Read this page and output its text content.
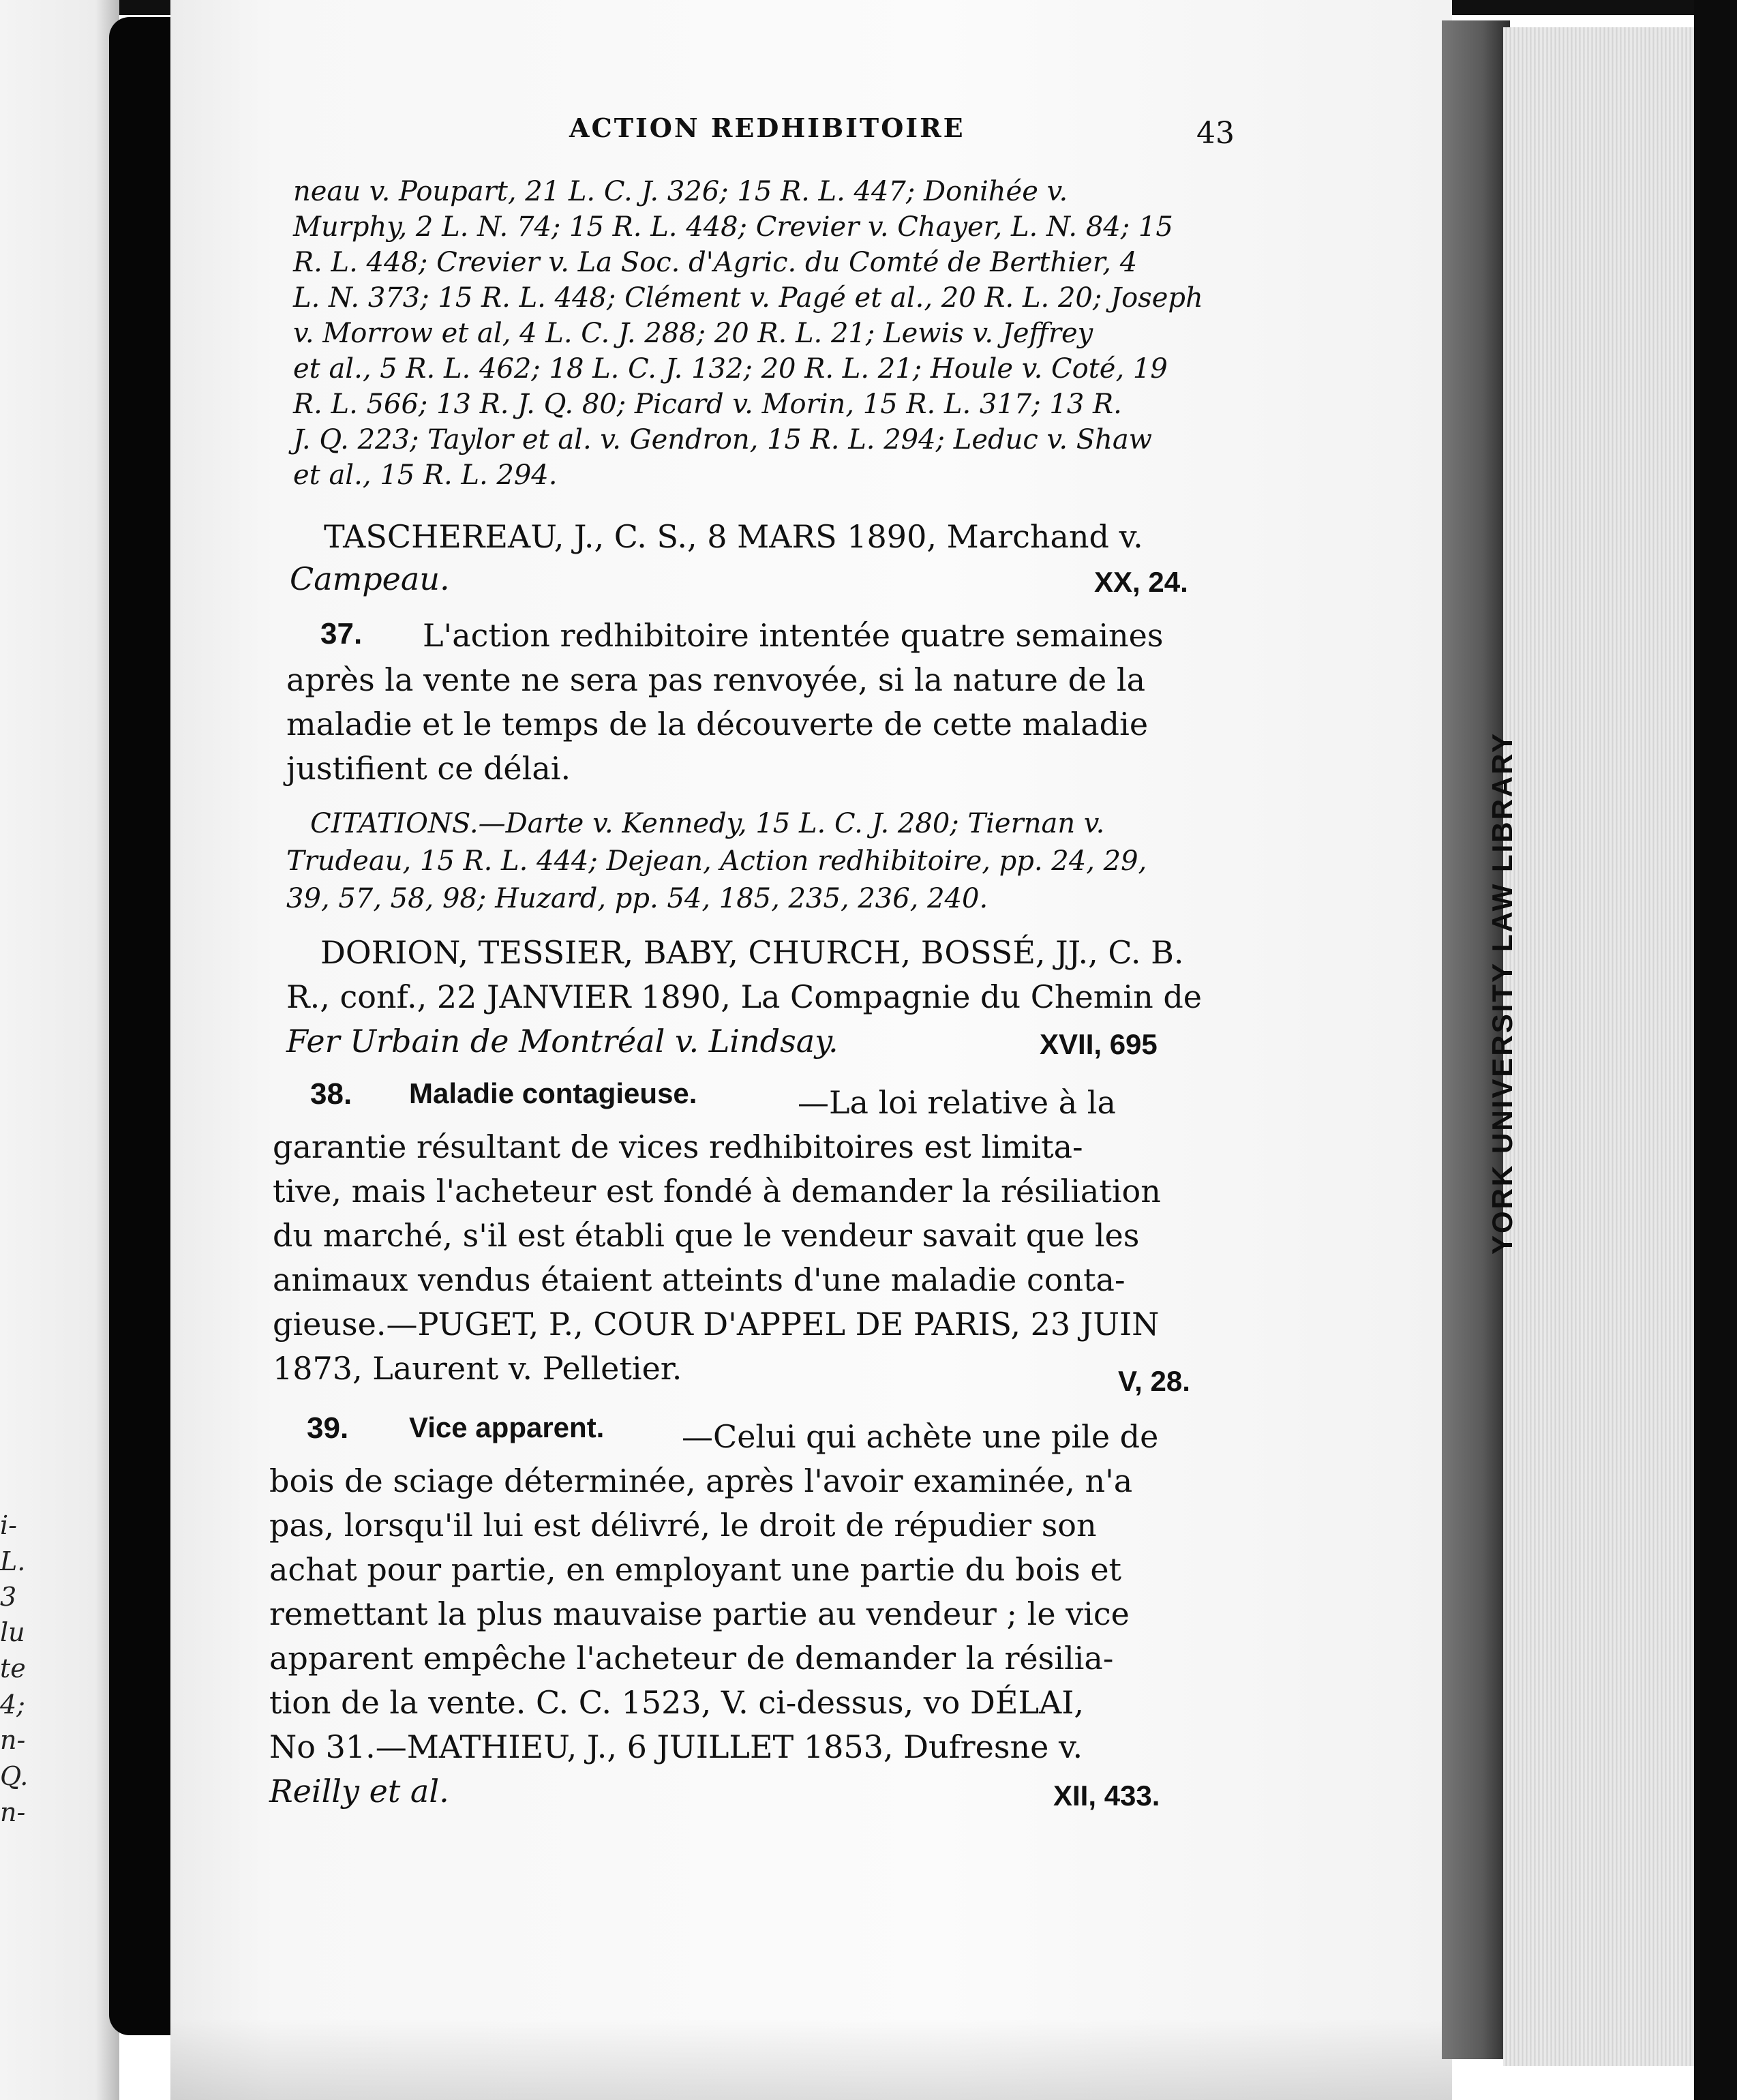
YORK UNIVERSITY LAW LIBRARY
i-
L.
3
lu
te
4;
n-
Q.
n-
ACTION REDHIBITOIRE	43
neau v. Poupart, 21 L. C. J. 326; 15 R. L. 447; Donihée v.
Murphy, 2 L. N. 74; 15 R. L. 448; Crevier v. Chayer, L. N. 84; 15
R. L. 448; Crevier v. La Soc. d'Agric. du Comté de Berthier, 4
L. N. 373; 15 R. L. 448; Clément v. Pagé et al., 20 R. L. 20; Joseph
v. Morrow et al, 4 L. C. J. 288; 20 R. L. 21; Lewis v. Jeffrey
et al., 5 R. L. 462; 18 L. C. J. 132; 20 R. L. 21; Houle v. Coté, 19
R. L. 566; 13 R. J. Q. 80; Picard v. Morin, 15 R. L. 317; 13 R.
J. Q. 223; Taylor et al. v. Gendron, 15 R. L. 294; Leduc v. Shaw
et al., 15 R. L. 294.
TASCHEREAU, J., C. S., 8 MARS 1890, Marchand v.
Campeau.	XX, 24.
37. L'action redhibitoire intentée quatre semaines
après la vente ne sera pas renvoyée, si la nature de la
maladie et le temps de la découverte de cette maladie
justifient ce délai.
CITATIONS.—Darte v. Kennedy, 15 L. C. J. 280; Tiernan v.
Trudeau, 15 R. L. 444; Dejean, Action redhibitoire, pp. 24, 29,
39, 57, 58, 98; Huzard, pp. 54, 185, 235, 236, 240.
DORION, TESSIER, BABY, CHURCH, BOSSÉ, JJ., C. B.
R., conf., 22 JANVIER 1890, La Compagnie du Chemin de
Fer Urbain de Montréal v. Lindsay.	XVII, 695
38. Maladie contagieuse.	—La loi relative à la
garantie résultant de vices redhibitoires est limita-
tive, mais l'acheteur est fondé à demander la résiliation
du marché, s'il est établi que le vendeur savait que les
animaux vendus étaient atteints d'une maladie conta-
gieuse.—PUGET, P., COUR D'APPEL DE PARIS, 23 JUIN
1873, Laurent v. Pelletier.	V, 28.
39. Vice apparent. —Celui qui achète une pile de
bois de sciage déterminée, après l'avoir examinée, n'a
pas, lorsqu'il lui est délivré, le droit de répudier son
achat pour partie, en employant une partie du bois et
remettant la plus mauvaise partie au vendeur ; le vice
apparent empêche l'acheteur de demander la résilia-
tion de la vente. C. C. 1523, V. ci-dessus, vo DÉLAI,
No 31.—MATHIEU, J., 6 JUILLET 1853, Dufresne v.
Reilly et al.	XII, 433.
